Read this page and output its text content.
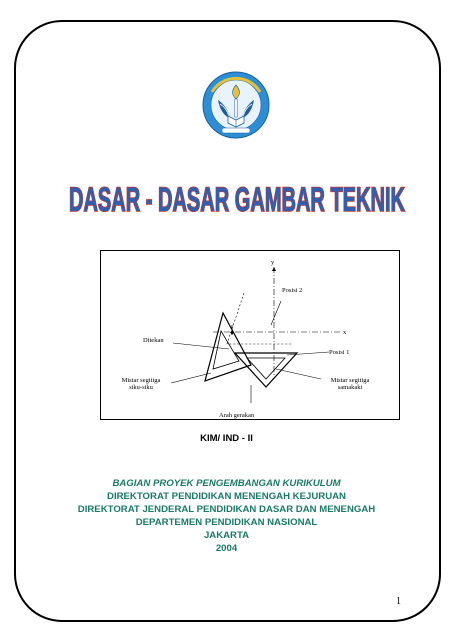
DASAR - DASAR GAMBAR TEKNIK
y
x
Posisi 2
Posisi 1
Ditekan
Mistar segitiga
siku-siku
Mistar segitiga
samakaki
Arah gerakan
KIM/ IND - II
BAGIAN PROYEK PENGEMBANGAN KURIKULUM
DIREKTORAT PENDIDIKAN MENENGAH KEJURUAN
DIREKTORAT JENDERAL PENDIDIKAN DASAR DAN MENENGAH
DEPARTEMEN PENDIDIKAN NASIONAL
JAKARTA
2004
1
